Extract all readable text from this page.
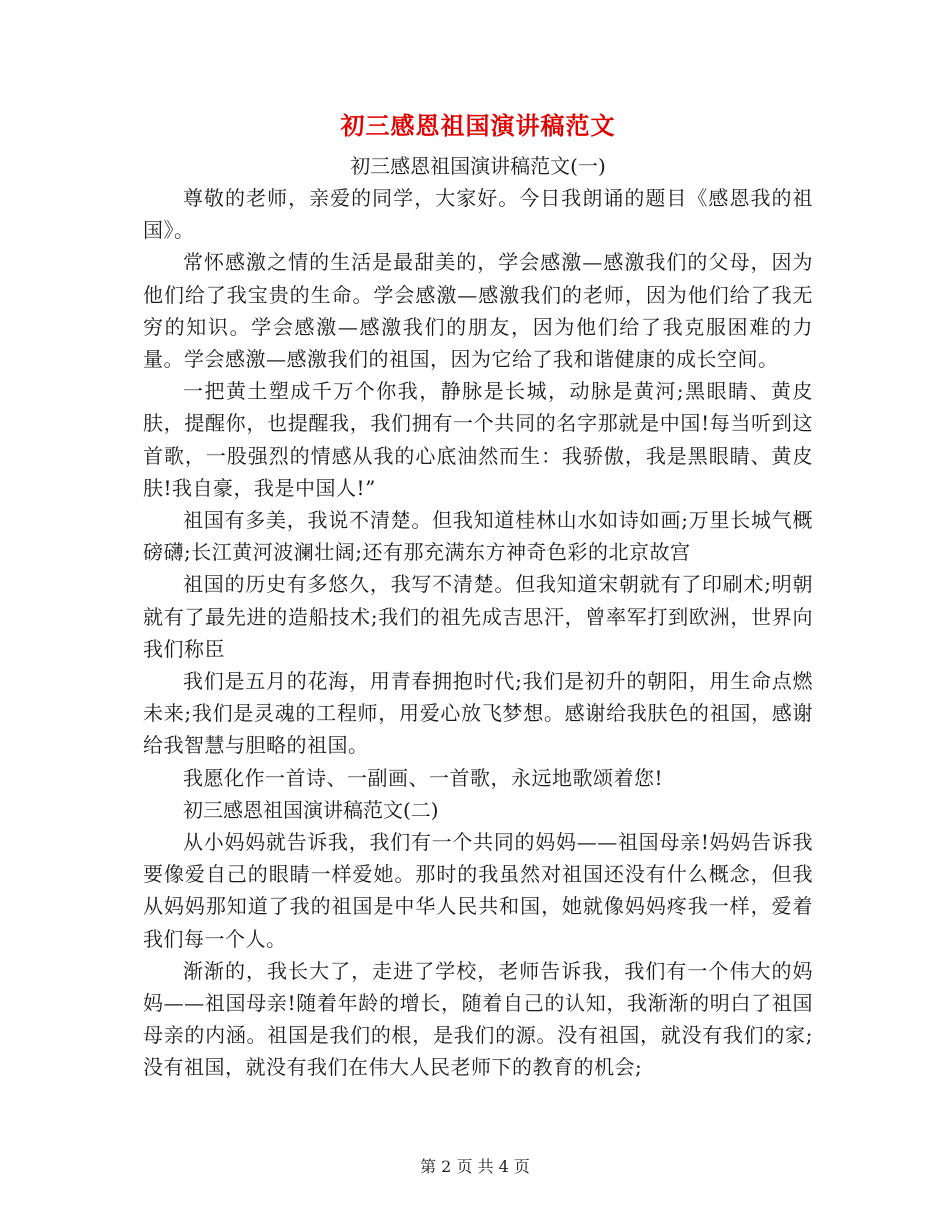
初三感恩祖国演讲稿范文

初三感恩祖国演讲稿范文(一)

尊敬的老师，亲爱的同学，大家好。今日我朗诵的题目《感恩我的祖国》。

常怀感激之情的生活是最甜美的，学会感激—感激我们的父母，因为他们给了我宝贵的生命。学会感激—感激我们的老师，因为他们给了我无穷的知识。学会感激—感激我们的朋友，因为他们给了我克服困难的力量。学会感激—感激我们的祖国，因为它给了我和谐健康的成长空间。

一把黄土塑成千万个你我，静脉是长城，动脉是黄河;黑眼睛、黄皮肤，提醒你，也提醒我，我们拥有一个共同的名字那就是中国!每当听到这首歌，一股强烈的情感从我的心底油然而生：我骄傲，我是黑眼睛、黄皮肤!我自豪，我是中国人!”

祖国有多美，我说不清楚。但我知道桂林山水如诗如画;万里长城气概磅礴;长江黄河波澜壮阔;还有那充满东方神奇色彩的北京故宫

祖国的历史有多悠久，我写不清楚。但我知道宋朝就有了印刷术;明朝就有了最先进的造船技术;我们的祖先成吉思汗，曾率军打到欧洲，世界向我们称臣

我们是五月的花海，用青春拥抱时代;我们是初升的朝阳，用生命点燃未来;我们是灵魂的工程师，用爱心放飞梦想。感谢给我肤色的祖国，感谢给我智慧与胆略的祖国。

我愿化作一首诗、一副画、一首歌，永远地歌颂着您!

初三感恩祖国演讲稿范文(二)

从小妈妈就告诉我，我们有一个共同的妈妈——祖国母亲!妈妈告诉我要像爱自己的眼睛一样爱她。那时的我虽然对祖国还没有什么概念，但我从妈妈那知道了我的祖国是中华人民共和国，她就像妈妈疼我一样，爱着我们每一个人。

渐渐的，我长大了，走进了学校，老师告诉我，我们有一个伟大的妈妈——祖国母亲!随着年龄的增长，随着自己的认知，我渐渐的明白了祖国母亲的内涵。祖国是我们的根，是我们的源。没有祖国，就没有我们的家;没有祖国，就没有我们在伟大人民老师下的教育的机会;

第 2 页 共 4 页
